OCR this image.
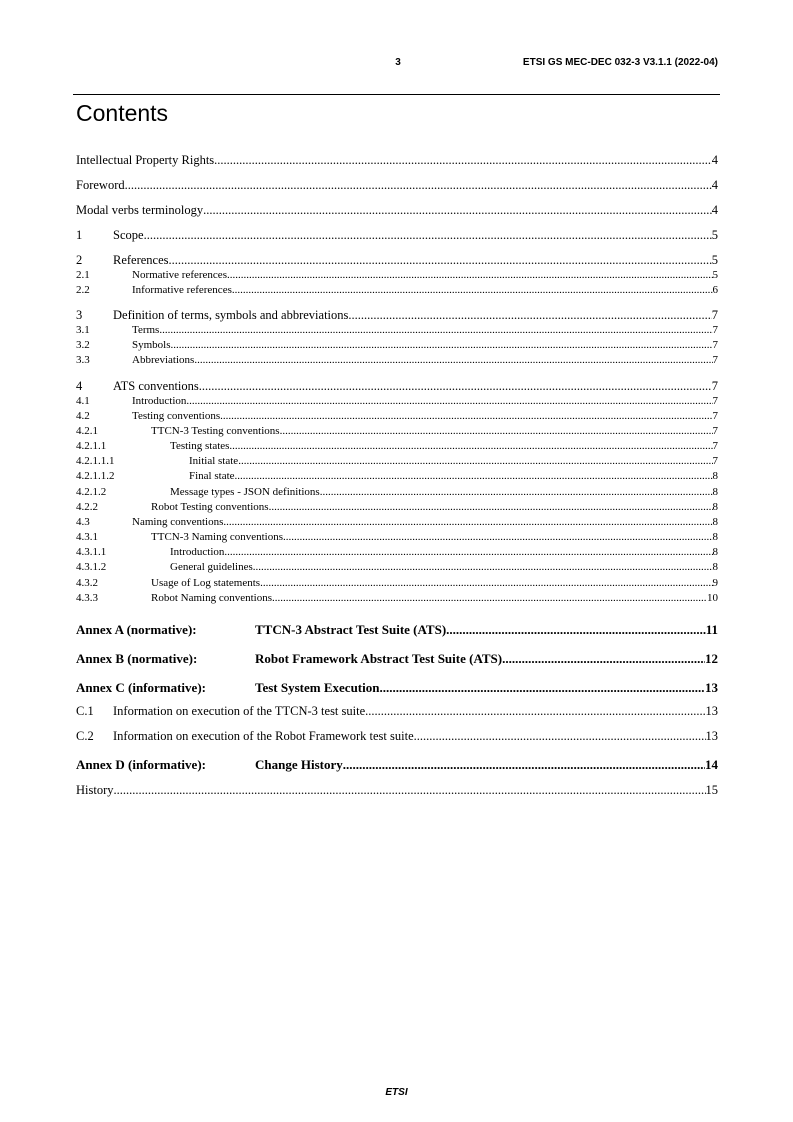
3	ETSI GS MEC-DEC 032-3 V3.1.1 (2022-04)
Contents
Intellectual Property Rights .....	4
Foreword .....	4
Modal verbs terminology .....	4
1	Scope .....	5
2	References .....	5
2.1	Normative references .....	5
2.2	Informative references .....	6
3	Definition of terms, symbols and abbreviations .....	7
3.1	Terms .....	7
3.2	Symbols .....	7
3.3	Abbreviations .....	7
4	ATS conventions .....	7
4.1	Introduction .....	7
4.2	Testing conventions .....	7
4.2.1	TTCN-3 Testing conventions .....	7
4.2.1.1	Testing states .....	7
4.2.1.1.1	Initial state .....	7
4.2.1.1.2	Final state .....	8
4.2.1.2	Message types - JSON definitions .....	8
4.2.2	Robot Testing conventions .....	8
4.3	Naming conventions .....	8
4.3.1	TTCN-3 Naming conventions .....	8
4.3.1.1	Introduction .....	8
4.3.1.2	General guidelines .....	8
4.3.2	Usage of Log statements .....	9
4.3.3	Robot Naming conventions .....	10
Annex A (normative):	TTCN-3 Abstract Test Suite (ATS) .....	11
Annex B (normative):	Robot Framework Abstract Test Suite (ATS) .....	12
Annex C (informative):	Test System Execution .....	13
C.1	Information on execution of the TTCN-3 test suite .....	13
C.2	Information on execution of the Robot Framework test suite .....	13
Annex D (informative):	Change History .....	14
History .....	15
ETSI
